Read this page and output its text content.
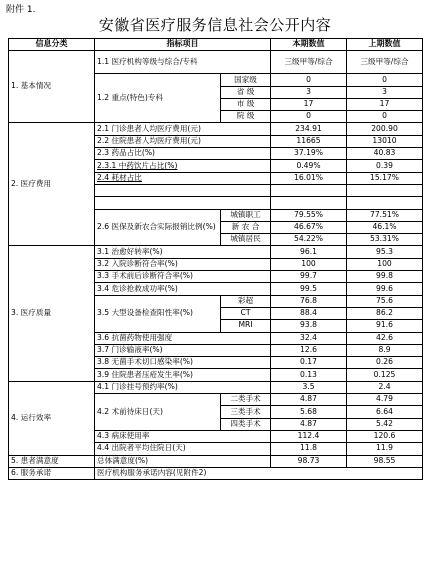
附件 1.
安徽省医疗服务信息社会公开内容
信息分类	指标项目		本期数值	上期数值
1. 基本情况	1.1 医疗机构等级与综合/专科		三级甲等/综合	三级甲等/综合
	1.2 重点(特色)专科	国家级	0	0
		省 级	3	3
		市 级	17	17
		院 级	0	0
2. 医疗费用	2.1 门诊患者人均医疗费用(元)		234.91	200.90
	2.2 住院患者人均医疗费用(元)		11665	13010
	2.3 药品占比(%)		37.19%	40.83
	2.3.1 中药饮片占比(%)		0.49%	0.39
	2.4 耗材占比		16.01%	15.17%

	2.6 医保及新农合实际报销比例(%)	城镇职工	79.55%	77.51%
		新 农 合	46.67%	46.1%
		城镇居民	54.22%	53.31%
3. 医疗质量	3.1 治愈好转率(%)		96.1	95.3
	3.2 入院诊断符合率(%)		100	100
	3.3 手术前后诊断符合率(%)		99.7	99.8
	3.4 危诊抢救成功率(%)		99.5	99.6
	3.5 大型设备检查阳性率(%)	彩超	76.8	75.6
		CT	88.4	86.2
		MRI	93.8	91.6
	3.6 抗菌药物使用强度		32.4	42.6
	3.7 门诊输液率(%)		12.6	8.9
	3.8 无菌手术切口感染率(%)		0.17	0.26
	3.9 住院患者压疮发生率(%)		0.13	0.125
4. 运行效率	4.1 门诊挂号预约率(%)		3.5	2.4
	4.2 术前待床日(天)	二类手术	4.87	4.79
		三类手术	5.68	6.64
		四类手术	4.87	5.42
	4.3 病床使用率		112.4	120.6
	4.4 出院者平均住院日(天)		11.8	11.9
5. 患者满意度	总体满意度(%)		98.73	98.55
6. 服务承诺	医疗机构服务承诺内容(见附件2)			
